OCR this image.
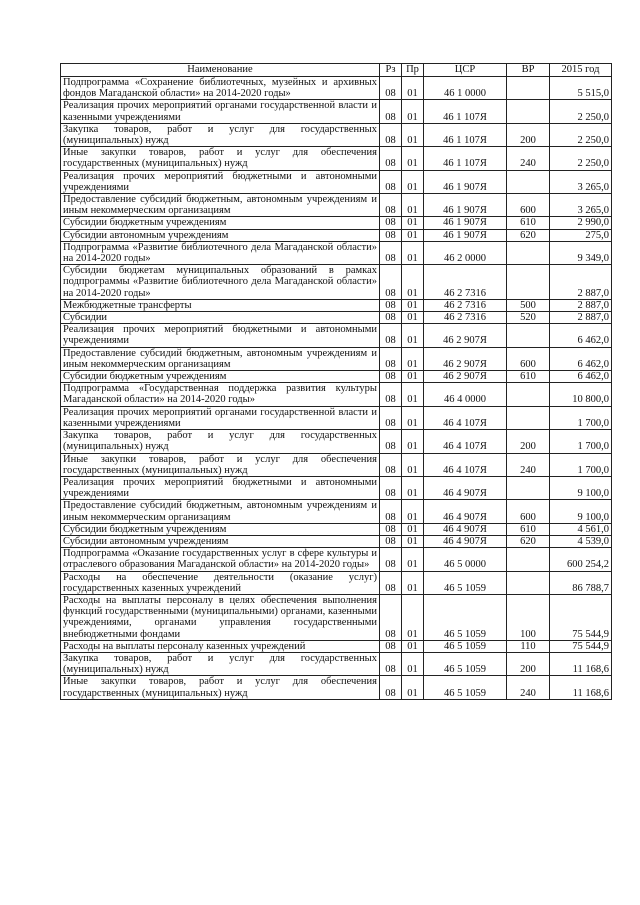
Наименование	Рз	Пр	ЦСР	ВР	2015 год
Подпрограмма «Сохранение библиотечных, музейных и архивных фондов Магаданской области» на 2014-2020 годы»	08	01	46 1 0000		5 515,0
Реализация прочих мероприятий органами государственной власти и казенными учреждениями	08	01	46 1 107Я		2 250,0
Закупка товаров, работ и услуг для государственных (муниципальных) нужд	08	01	46 1 107Я	200	2 250,0
Иные закупки товаров, работ и услуг для обеспечения государственных (муниципальных) нужд	08	01	46 1 107Я	240	2 250,0
Реализация прочих мероприятий бюджетными и автономными учреждениями	08	01	46 1 907Я		3 265,0
Предоставление субсидий бюджетным, автономным учреждениям и иным некоммерческим организациям	08	01	46 1 907Я	600	3 265,0
Субсидии бюджетным учреждениям	08	01	46 1 907Я	610	2 990,0
Субсидии автономным учреждениям	08	01	46 1 907Я	620	275,0
Подпрограмма «Развитие библиотечного дела Магаданской области» на 2014-2020 годы»	08	01	46 2 0000		9 349,0
Субсидии бюджетам муниципальных образований в рамках подпрограммы «Развитие библиотечного дела Магаданской области» на 2014-2020 годы»	08	01	46 2 7316		2 887,0
Межбюджетные трансферты	08	01	46 2 7316	500	2 887,0
Субсидии	08	01	46 2 7316	520	2 887,0
Реализация прочих мероприятий бюджетными и автономными учреждениями	08	01	46 2 907Я		6 462,0
Предоставление субсидий бюджетным, автономным учреждениям и иным некоммерческим организациям	08	01	46 2 907Я	600	6 462,0
Субсидии бюджетным учреждениям	08	01	46 2 907Я	610	6 462,0
Подпрограмма «Государственная поддержка развития культуры Магаданской области» на 2014-2020 годы»	08	01	46 4 0000		10 800,0
Реализация прочих мероприятий органами государственной власти и казенными учреждениями	08	01	46 4 107Я		1 700,0
Закупка товаров, работ и услуг для государственных (муниципальных) нужд	08	01	46 4 107Я	200	1 700,0
Иные закупки товаров, работ и услуг для обеспечения государственных (муниципальных) нужд	08	01	46 4 107Я	240	1 700,0
Реализация прочих мероприятий бюджетными и автономными учреждениями	08	01	46 4 907Я		9 100,0
Предоставление субсидий бюджетным, автономным учреждениям и иным некоммерческим организациям	08	01	46 4 907Я	600	9 100,0
Субсидии бюджетным учреждениям	08	01	46 4 907Я	610	4 561,0
Субсидии автономным учреждениям	08	01	46 4 907Я	620	4 539,0
Подпрограмма «Оказание государственных услуг в сфере культуры и отраслевого образования Магаданской области» на 2014-2020 годы»	08	01	46 5 0000		600 254,2
Расходы на обеспечение деятельности (оказание услуг) государственных казенных учреждений	08	01	46 5 1059		86 788,7
Расходы на выплаты персоналу в целях обеспечения выполнения функций государственными (муниципальными) органами, казенными учреждениями, органами управления государственными внебюджетными фондами	08	01	46 5 1059	100	75 544,9
Расходы на выплаты персоналу казенных учреждений	08	01	46 5 1059	110	75 544,9
Закупка товаров, работ и услуг для государственных (муниципальных) нужд	08	01	46 5 1059	200	11 168,6
Иные закупки товаров, работ и услуг для обеспечения государственных (муниципальных) нужд	08	01	46 5 1059	240	11 168,6
